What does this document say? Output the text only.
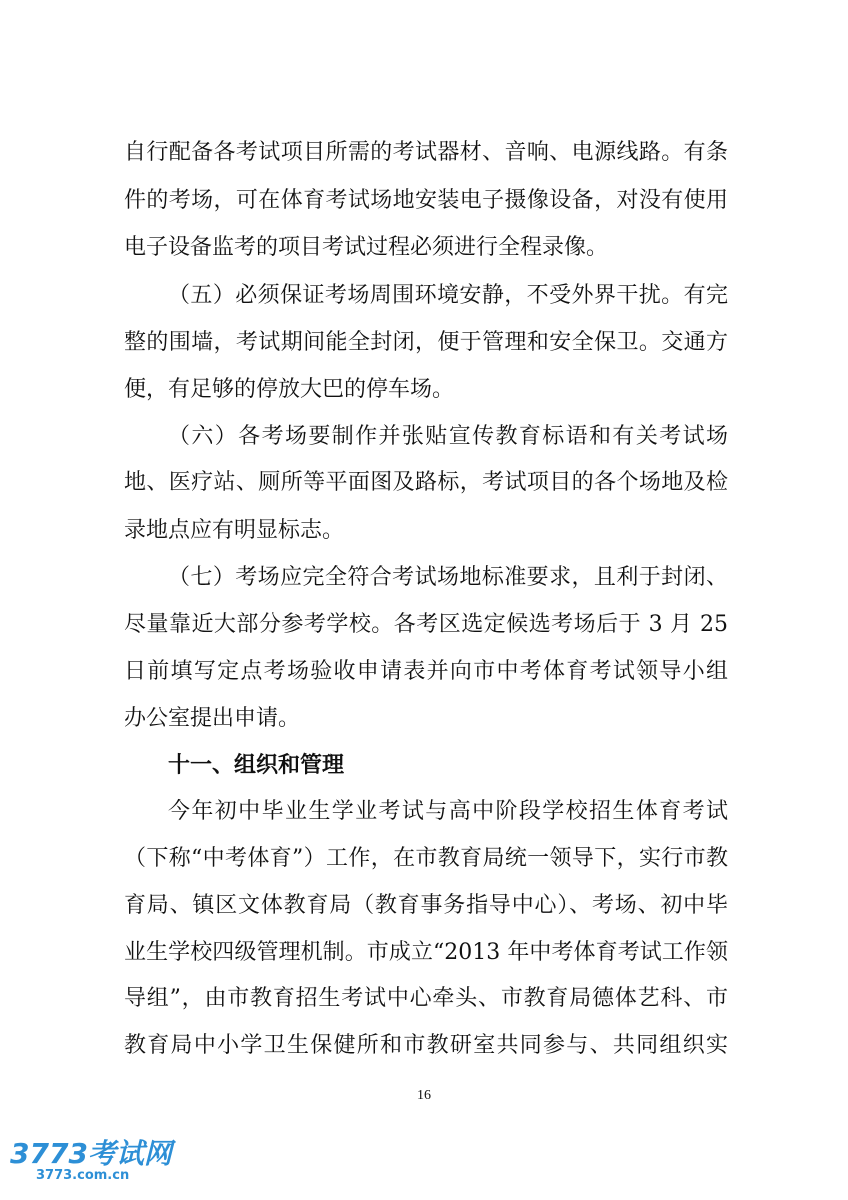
自行配备各考试项目所需的考试器材、音响、电源线路。有条
件的考场，可在体育考试场地安装电子摄像设备，对没有使用
电子设备监考的项目考试过程必须进行全程录像。
（五）必须保证考场周围环境安静，不受外界干扰。有完
整的围墙，考试期间能全封闭，便于管理和安全保卫。交通方
便，有足够的停放大巴的停车场。
（六）各考场要制作并张贴宣传教育标语和有关考试场
地、医疗站、厕所等平面图及路标，考试项目的各个场地及检
录地点应有明显标志。
（七）考场应完全符合考试场地标准要求，且利于封闭、
尽量靠近大部分参考学校。各考区选定候选考场后于 3 月 25
日前填写定点考场验收申请表并向市中考体育考试领导小组
办公室提出申请。
十一、组织和管理
今年初中毕业生学业考试与高中阶段学校招生体育考试
（下称“中考体育”）工作，在市教育局统一领导下，实行市教
育局、镇区文体教育局（教育事务指导中心）、考场、初中毕
业生学校四级管理机制。市成立“2013 年中考体育考试工作领
导组”，由市教育招生考试中心牵头、市教育局德体艺科、市
教育局中小学卫生保健所和市教研室共同参与、共同组织实
16
3773考试网
3773.com.cn
